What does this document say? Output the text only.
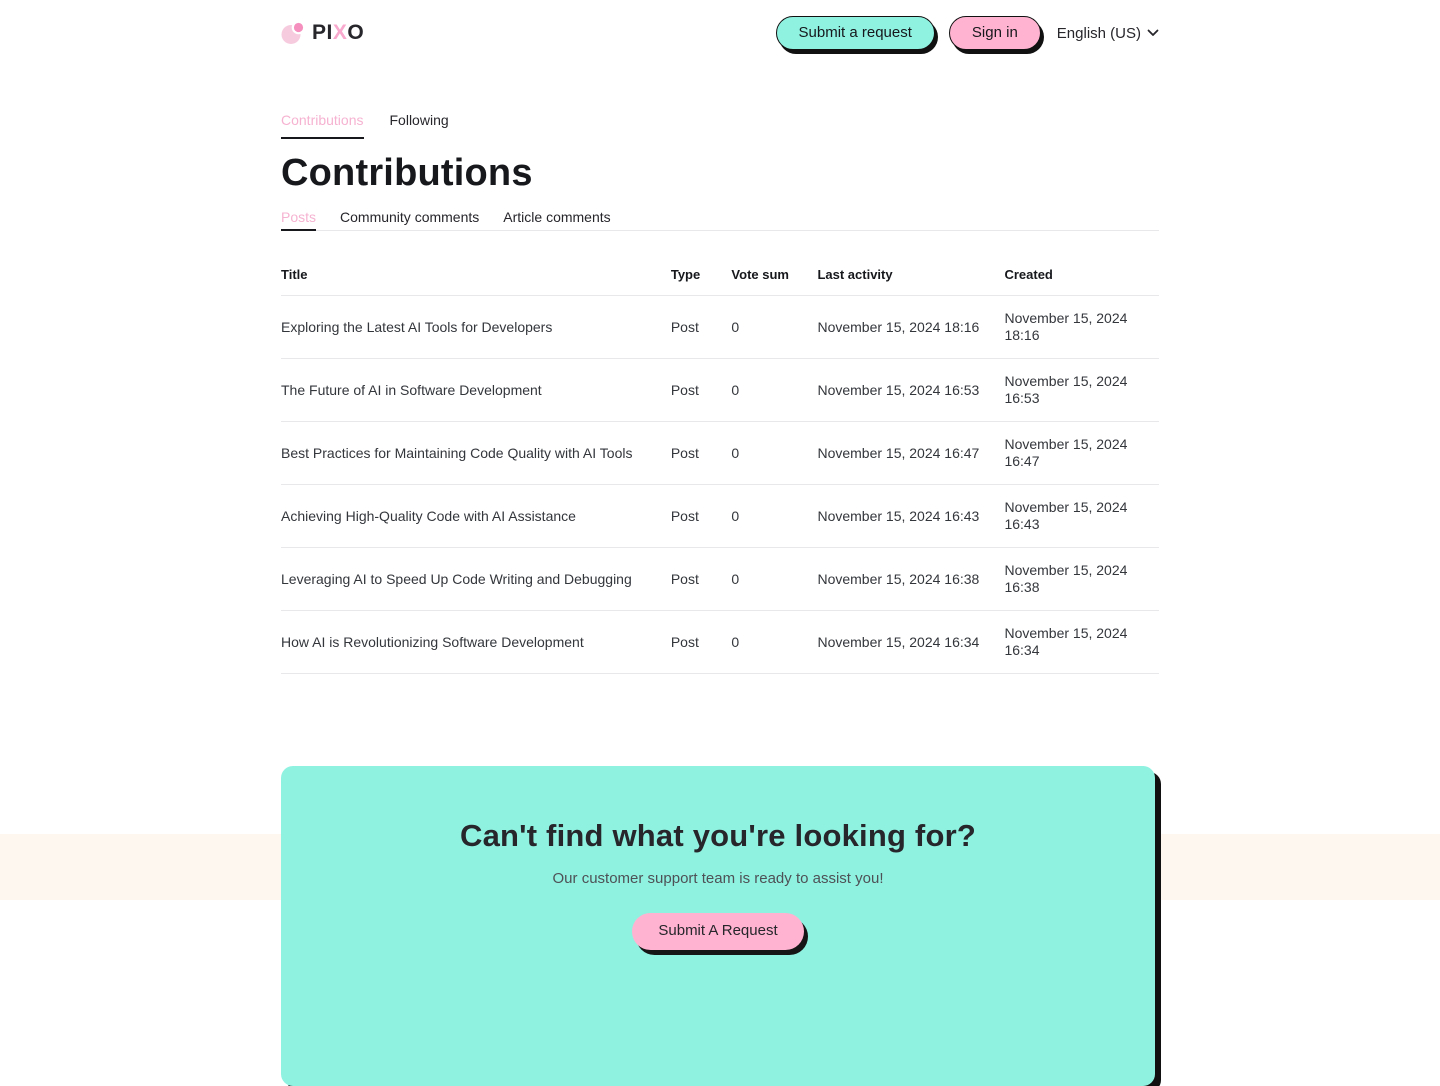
PIXO	Submit a request	Sign in	English (US)
Contributions Following
Contributions
Posts Community comments Article comments
Title	Type	Vote sum	Last activity	Created
Exploring the Latest AI Tools for Developers	Post	0	November 15, 2024 18:16	November 15, 2024 18:16
The Future of AI in Software Development	Post	0	November 15, 2024 16:53	November 15, 2024 16:53
Best Practices for Maintaining Code Quality with AI Tools	Post	0	November 15, 2024 16:47	November 15, 2024 16:47
Achieving High-Quality Code with AI Assistance	Post	0	November 15, 2024 16:43	November 15, 2024 16:43
Leveraging AI to Speed Up Code Writing and Debugging	Post	0	November 15, 2024 16:38	November 15, 2024 16:38
How AI is Revolutionizing Software Development	Post	0	November 15, 2024 16:34	November 15, 2024 16:34
Can't find what you're looking for?

Our customer support team is ready to assist you!

Submit A Request
